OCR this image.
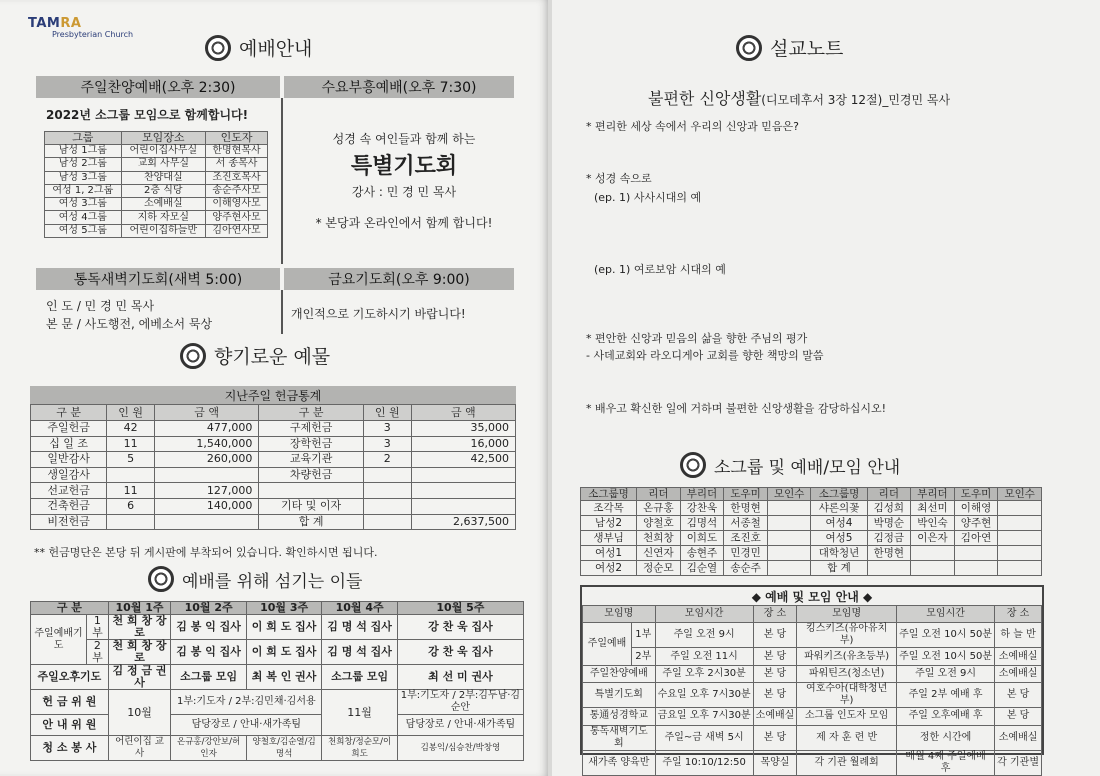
TAMRA
Presbyterian Church
예배안내
주일찬양예배(오후 2:30)	수요부흥예배(오후 7:30)
2022년 소그룹 모임으로 함께합니다!
그룹	모임장소	인도자
남성 1그룹	어린이집사무실	한명현목사
남성 2그룹	교회 사무실	서 종목사
남성 3그룹	찬양대실	조진호목사
여성 1, 2그룹	2층 식당	송순주사모
여성 3그룹	소예배실	이해영사모
여성 4그룹	지하 자모실	양주현사모
여성 5그룹	어린이집하늘반	김아연사모
성경 속 여인들과 함께 하는
특별기도회
강사 : 민 경 민 목사
* 본당과 온라인에서 함께 합니다!
통독새벽기도회(새벽 5:00)	금요기도회(오후 9:00)
인 도 / 민 경 민 목사
본 문 / 사도행전, 에베소서 묵상
개인적으로 기도하시기 바랍니다!
향기로운 예물
지난주일 헌금통계
구 분	인 원	금 액	구 분	인 원	금 액
주일헌금	42	477,000	구제헌금	3	35,000
십 일 조	11	1,540,000	장학헌금	3	16,000
일반감사	5	260,000	교육기관	2	42,500
생일감사			차량헌금		
선교헌금	11	127,000			
건축헌금	6	140,000	기타 및 이자		
비전헌금			합 계		2,637,500
** 헌금명단은 본당 뒤 게시판에 부착되어 있습니다. 확인하시면 됩니다.
예배를 위해 섬기는 이들
구 분		10월 1주	10월 2주	10월 3주	10월 4주	10월 5주
주일예배기도	1부	천 희 창 장로	김 봉 익 집사	이 희 도 집사	김 명 석 집사	강 찬 욱 집사
	2부	천 희 창 장로	김 봉 익 집사	이 희 도 집사	김 명 석 집사	강 찬 욱 집사
주일오후기도		김 정 금 권사	소그룹 모임	최 복 인 권사	소그룹 모임	최 선 미 권사
헌 금 위 원		10월	1부:기도자 / 2부:김민채·김서용		11월	1부:기도자 / 2부:김두남·김순안
안 내 위 원			담당장로 / 안내·새가족팀			담당장로 / 안내·새가족팀
청 소 봉 사		어린이집 교사	온규홍/강안보/허인자	양철호/김순열/김명석	천희창/정순모/이희도	김봉익/심승찬/박창영
설교노트
불편한 신앙생활(디모데후서 3장 12절)_민경민 목사
* 편리한 세상 속에서 우리의 신앙과 믿음은?
* 성경 속으로
(ep. 1) 사사시대의 예
(ep. 1) 여로보암 시대의 예
* 편안한 신앙과 믿음의 삶을 향한 주님의 평가
- 사데교회와 라오디게아 교회를 향한 책망의 말씀
* 배우고 확신한 일에 거하며 불편한 신앙생활을 감당하십시오!
소그룹 및 예배/모임 안내
소그룹명	리더	부리더	도우미	모인수	소그룹명	리더	부리더	도우미	모인수
조각목	온규홍	강찬욱	한명현		샤론의꽃	김성희	최선미	이해영	
남성2	양철호	김명석	서종철		여성4	박명순	박인숙	양주현	
생부님	천희창	이희도	조진호		여성5	김정금	이은자	김아연	
여성1	신연자	송현주	민경민		대학청년	한명현			
여성2	정순모	김순열	송순주		합 계				
◆ 예배 및 모임 안내 ◆
모임명		모임시간	장 소	모임명	모임시간	장 소
주일예배	1부	주일 오전 9시	본 당	킹스키즈(유아유치부)	주일 오전 10시 50분	하 늘 반
	2부	주일 오전 11시	본 당	파워키즈(유초등부)	주일 오전 10시 50분	소예배실
주일찬양예배		주일 오후 2시30분	본 당	파워틴즈(청소년)	주일 오전 9시	소예배실
특별기도회		수요일 오후 7시30분	본 당	여호수아(대학청년부)	주일 2부 예배 후	본 당
통通성경학교		금요일 오후 7시30분	소예배실	소그룹 인도자 모임	주일 오후예배 후	본 당
통독새벽기도회		주일~금 새벽 5시	본 당	제 자 훈 련 반	정한 시간에	소예배실
새가족 양육반		주일 10:10/12:50	목양실	각 기관 월례회	매월 4째 주일예배 후	각 기관별
